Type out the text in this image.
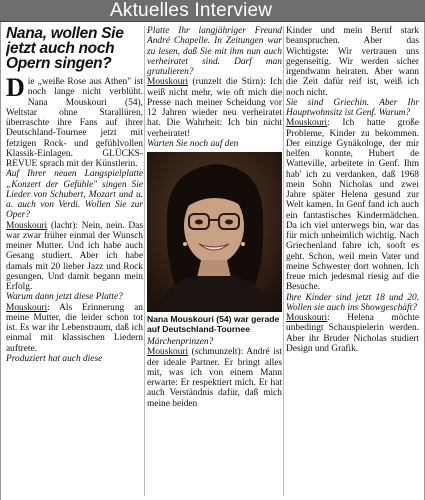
Aktuelles Interview
Nana, wollen Sie jetzt auch noch Opern singen?

Die „weiße Rose aus Athen" ist noch lange nicht verblüht. Nana Mouskouri (54), Weltstar ohne Starallüren, überraschte ihre Fans auf ihrer Deutschland-Tournee jetzt mit fetzigen Rock- und gefühlvollen Klassik-Einlagen. GLÜCKS-REVUE sprach mit der Künstlerin.

Auf Ihrer neuen Langspielplatte „Konzert der Gefühle" singen Sie Lieder von Schubert, Mozart und u. a. auch von Verdi. Wollen Sie zur Oper?

Mouskouri (lacht): Nein, nein. Das war zwar früher einmal der Wunsch meiner Mutter. Und ich habe auch Gesang studiert. Aber ich habe damals mit 20 lieber Jazz und Rock gesungen. Und damit begann mein Erfolg.

Warum dann jetzt diese Platte?

Mouskouri: Als Erinnerung an meine Mutter, die leider schon tot ist. Es war ihr Lebenstraum, daß ich einmal mit klassischen Liedern auftrete.

Produziert hat auch diese

Platte Ihr langjähriger Freund André Chapelle. In Zeitungen war zu lesen, daß Sie mit ihm nun auch verheiratet sind. Darf man gratulieren?

Mouskouri (runzelt die Stirn): Ich weiß nicht mehr, wie oft mich die Presse nach meiner Scheidung vor 12 Jahren wieder neu verheiratet hat. Die Wahrheit: Ich bin nicht verheiratet!

Warten Sie noch auf den

Nana Mouskouri (54) war gerade auf Deutschland-Tournee

Märchenprinzen?

Mouskouri (schmunzelt): André ist der ideale Partner. Er bringt alles mit, was ich von einem Mann erwarte: Er respektiert mich. Er hat auch Verständnis dafür, daß mich meine beiden

Kinder und mein Beruf stark beanspruchen. Aber das Wichtigste: Wir vertrauen uns gegenseitig. Wir werden sicher irgendwann heiraten. Aber wann die Zeit dafür reif ist, weiß ich noch nicht.

Sie sind Griechin. Aber Ihr Hauptwohnsitz ist Genf. Warum?

Mouskouri: Ich hatte große Probleme, Kinder zu bekommen. Der einzige Gynäkologe, der mir helfen konnte, Hubert de Watteville, arbeitete in Genf. Ihm hab' ich zu verdanken, daß 1968 mein Sohn Nicholas und zwei Jahre später Helena gesund zur Welt kamen. In Genf fand ich auch ein fantastisches Kindermädchen. Da ich viel unterwegs bin, war das für mich unheimlich wichtig. Nach Griechenland fahre ich, sooft es geht. Schon, weil mein Vater und meine Schwester dort wohnen. Ich freue mich jedesmal riesig auf die Besuche.

Ihre Kinder sind jetzt 18 und 20. Wollen sie auch ins Showgeschäft?

Mouskouri: Helena möchte unbedingt Schauspielerin werden. Aber ihr Bruder Nicholas studiert Design und Grafik.
